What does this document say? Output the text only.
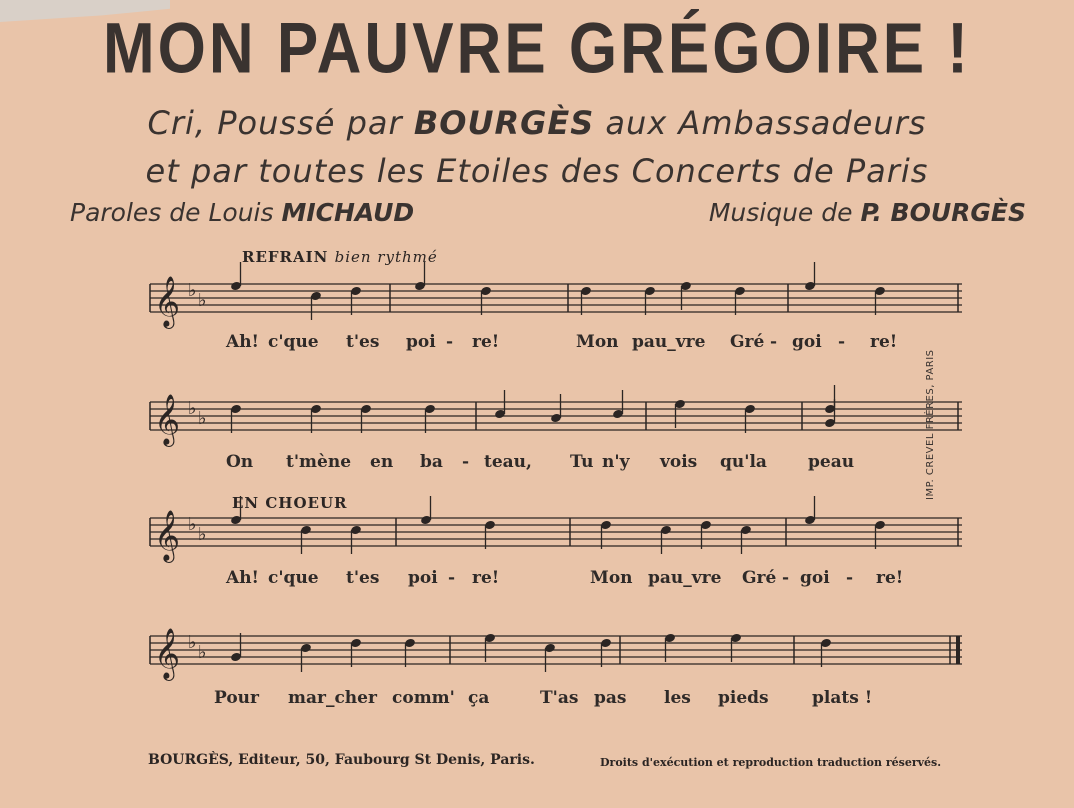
MON PAUVRE GRÉGOIRE !
Cri, Poussé par BOURGÈS aux Ambassadeurs
et par toutes les Etoiles des Concerts de Paris
Paroles de Louis MICHAUD	Musique de P. BOURGÈS
REFRAIN bien rythmé
EN CHOEUR
𝄞 ♭ ♭
𝄞 ♭ ♭
𝄞 ♭ ♭
𝄞 ♭ ♭
Ah! c'que t'es poi - re!	Mon pau_vre Gré - goi - re!
On t'mène en ba - teau, Tu n'y vois qu'la peau
Ah! c'que t'es poi - re!	Mon pau_vre Gré - goi - re!
Pour mar_cher comm' ça	T'as pas les pieds	plats !
IMP. CREVEL FRÈRES, PARIS
BOURGÈS, Editeur, 50, Faubourg St Denis, Paris.	Droits d'exécution et reproduction traduction réservés.
